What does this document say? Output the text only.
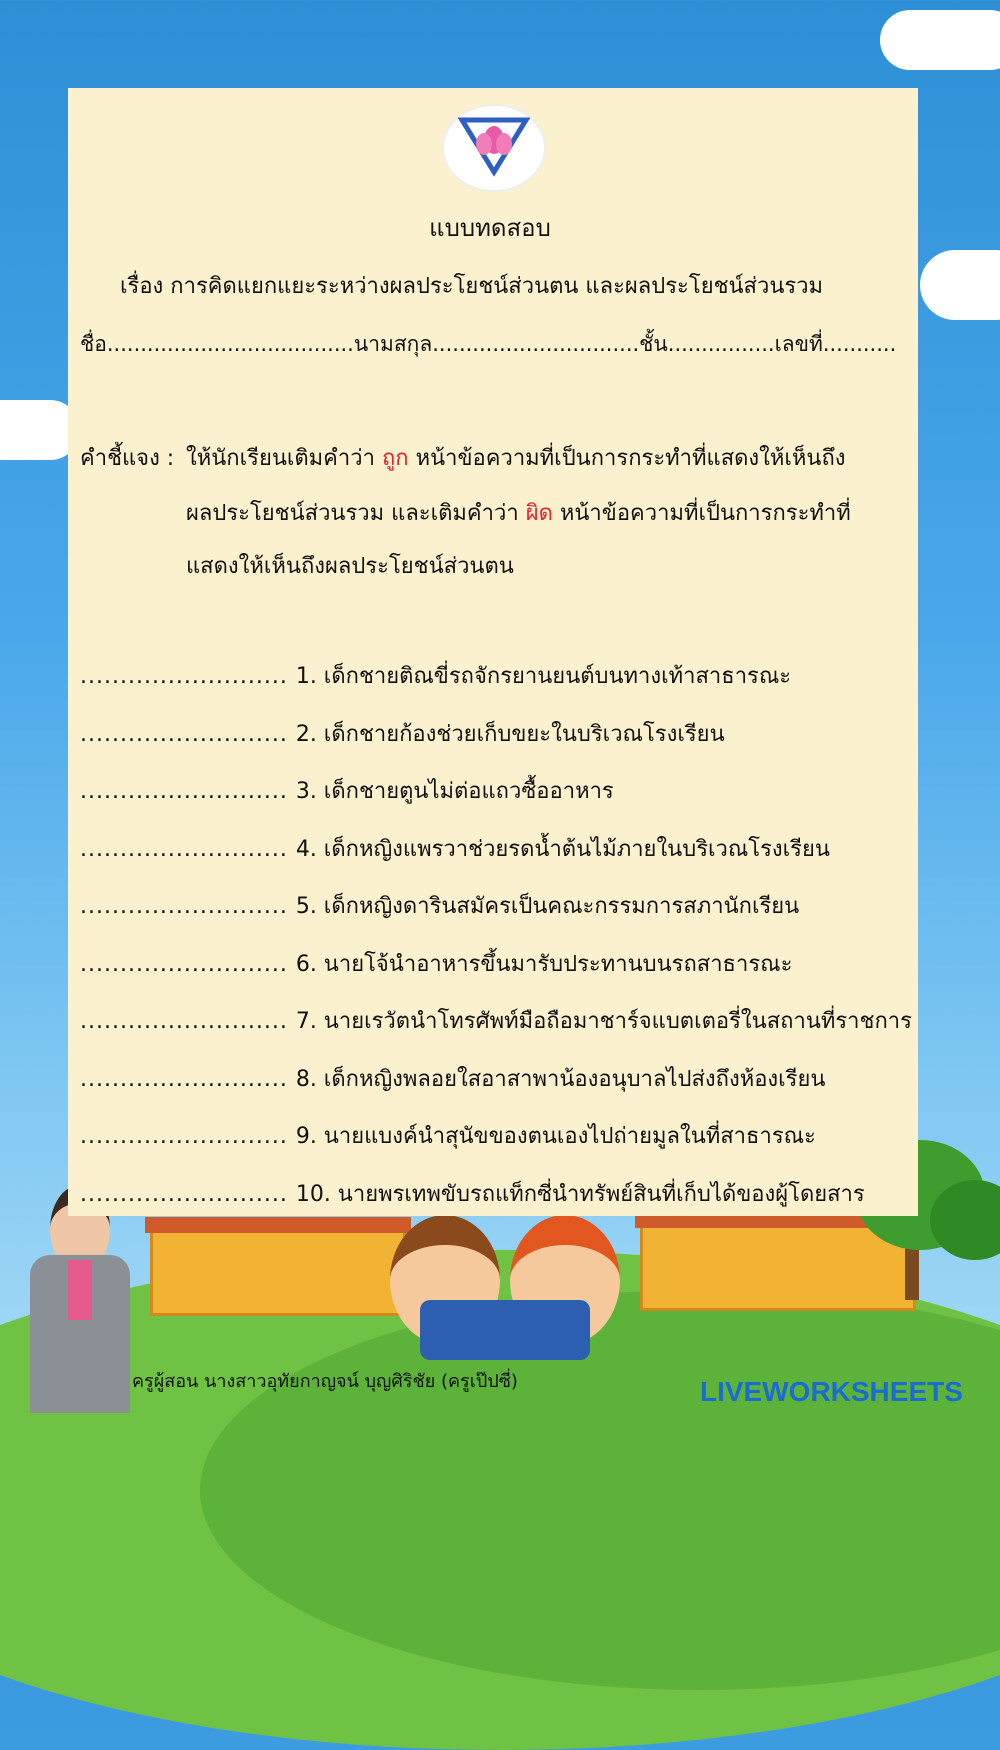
⌒
แบบทดสอบ
เรื่อง การคิดแยกแยะระหว่างผลประโยชน์ส่วนตน และผลประโยชน์ส่วนรวม
ชื่อ.....................................นามสกุล...............................ชั้น................เลขที่...........
คำชี้แจง : ให้นักเรียนเติมคำว่า ถูก หน้าข้อความที่เป็นการกระทำที่แสดงให้เห็นถึง
ผลประโยชน์ส่วนรวม และเติมคำว่า ผิด หน้าข้อความที่เป็นการกระทำที่
แสดงให้เห็นถึงผลประโยชน์ส่วนตน
.......................... 1. เด็กชายติณขี่รถจักรยานยนต์บนทางเท้าสาธารณะ
.......................... 2. เด็กชายก้องช่วยเก็บขยะในบริเวณโรงเรียน
.......................... 3. เด็กชายตูนไม่ต่อแถวซื้ออาหาร
.......................... 4. เด็กหญิงแพรวาช่วยรดน้ำต้นไม้ภายในบริเวณโรงเรียน
.......................... 5. เด็กหญิงดารินสมัครเป็นคณะกรรมการสภานักเรียน
.......................... 6. นายโจ้นำอาหารขึ้นมารับประทานบนรถสาธารณะ
.......................... 7. นายเรวัตนำโทรศัพท์มือถือมาชาร์จแบตเตอรี่ในสถานที่ราชการ
.......................... 8. เด็กหญิงพลอยใสอาสาพาน้องอนุบาลไปส่งถึงห้องเรียน
.......................... 9. นายแบงค์นำสุนัขของตนเองไปถ่ายมูลในที่สาธารณะ
.......................... 10. นายพรเทพขับรถแท็กซี่นำทรัพย์สินที่เก็บได้ของผู้โดยสาร
ครูผู้สอน นางสาวอุทัยกาญจน์ บุญศิริชัย (ครูเป๊ปซี่)	LIVEWORKSHEETS
